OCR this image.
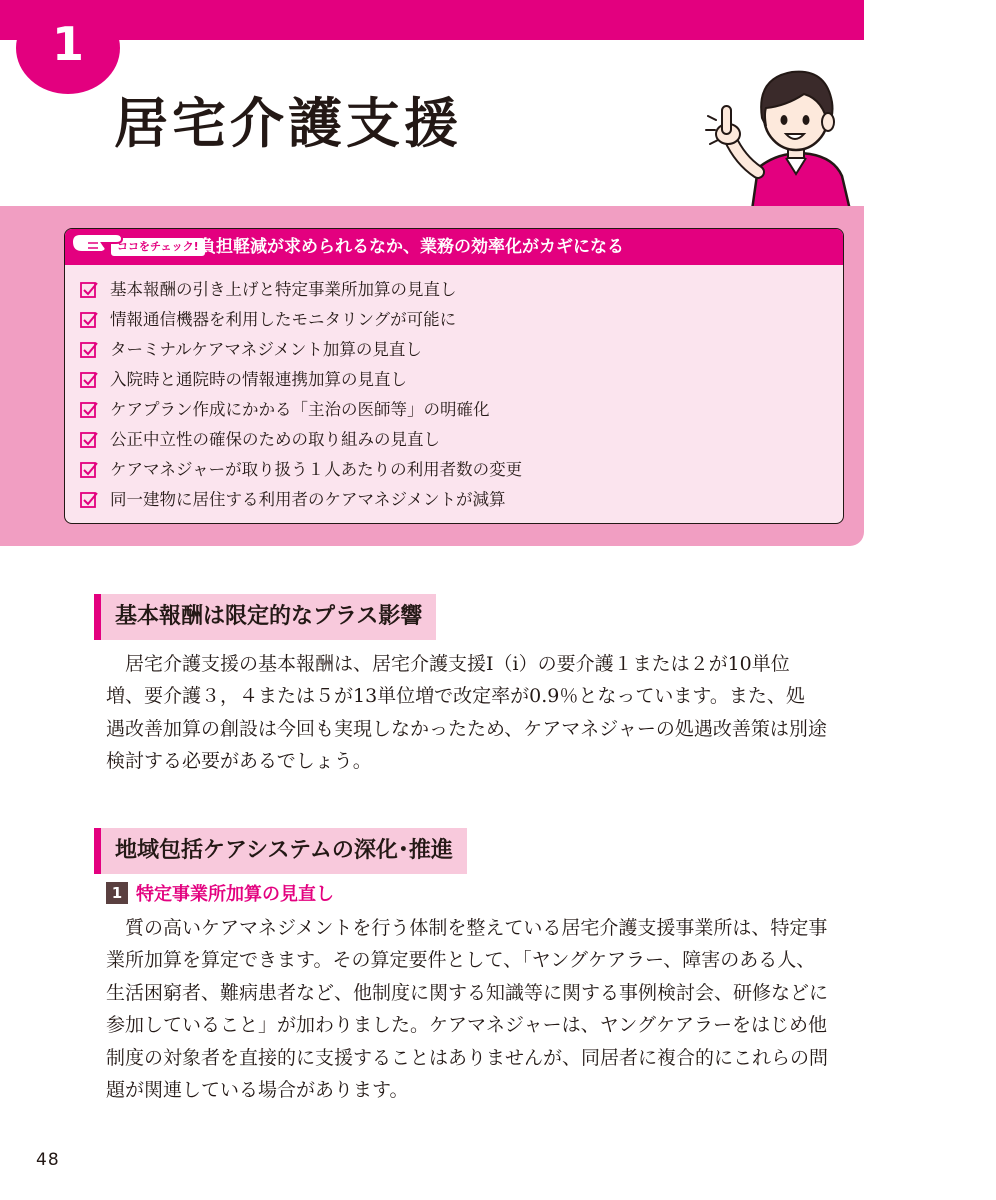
1
居宅介護支援
ココをチェック! 負担軽減が求められるなか、業務の効率化がカギになる
基本報酬の引き上げと特定事業所加算の見直し
情報通信機器を利用したモニタリングが可能に
ターミナルケアマネジメント加算の見直し
入院時と通院時の情報連携加算の見直し
ケアプラン作成にかかる「主治の医師等」の明確化
公正中立性の確保のための取り組みの見直し
ケアマネジャーが取り扱う１人あたりの利用者数の変更
同一建物に居住する利用者のケアマネジメントが減算
基本報酬は限定的なプラス影響
居宅介護支援の基本報酬は、居宅介護支援Ⅰ（ⅰ）の要介護１または２が10単位
増、要介護３，４または５が13単位増で改定率が0.9％となっています。また、処
遇改善加算の創設は今回も実現しなかったため、ケアマネジャーの処遇改善策は別途
検討する必要があるでしょう。
地域包括ケアシステムの深化･推進
1 特定事業所加算の見直し
質の高いケアマネジメントを行う体制を整えている居宅介護支援事業所は、特定事
業所加算を算定できます。その算定要件として、「ヤングケアラー、障害のある人、
生活困窮者、難病患者など、他制度に関する知識等に関する事例検討会、研修などに
参加していること」が加わりました。ケアマネジャーは、ヤングケアラーをはじめ他
制度の対象者を直接的に支援することはありませんが、同居者に複合的にこれらの問
題が関連している場合があります。
48
